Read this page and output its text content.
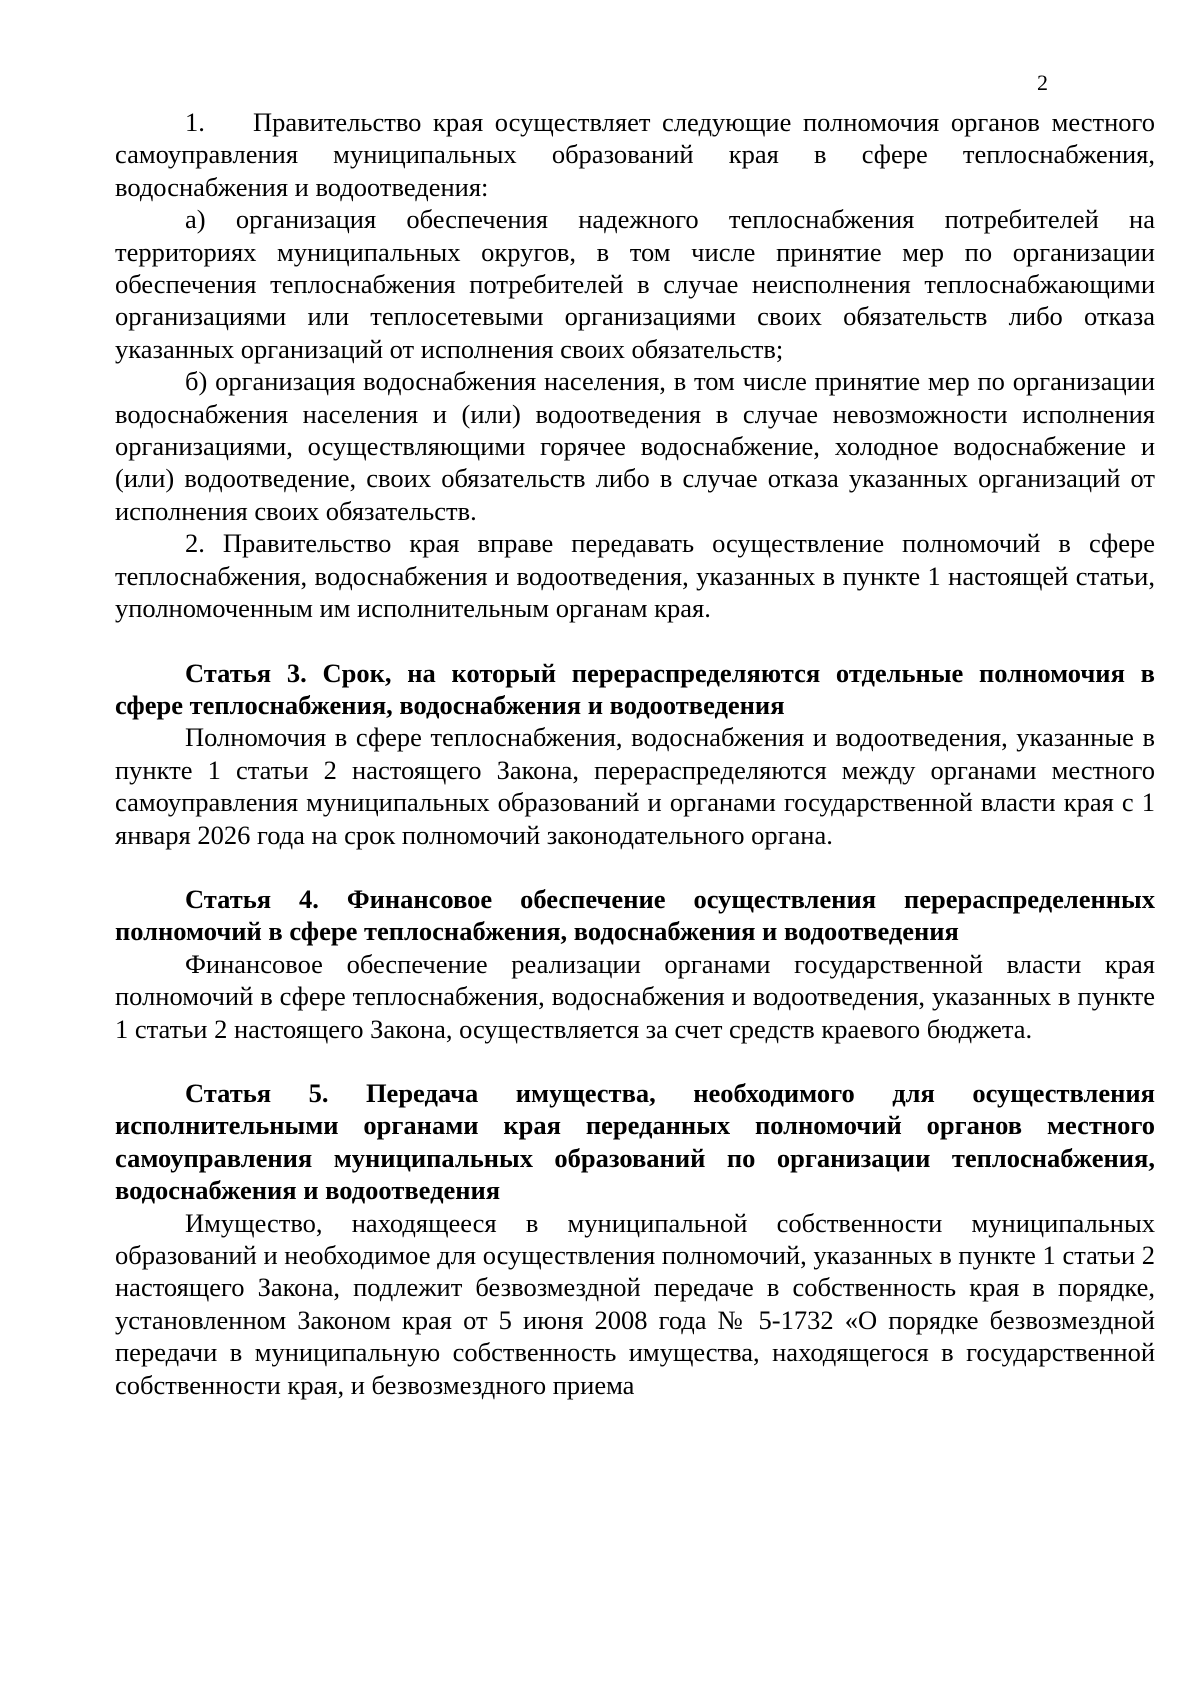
2

1. Правительство края осуществляет следующие полномочия органов местного самоуправления муниципальных образований края в сфере теплоснабжения, водоснабжения и водоотведения:

а) организация обеспечения надежного теплоснабжения потребителей на территориях муниципальных округов, в том числе принятие мер по организации обеспечения теплоснабжения потребителей в случае неисполнения теплоснабжающими организациями или теплосетевыми организациями своих обязательств либо отказа указанных организаций от исполнения своих обязательств;

б) организация водоснабжения населения, в том числе принятие мер по организации водоснабжения населения и (или) водоотведения в случае невозможности исполнения организациями, осуществляющими горячее водоснабжение, холодное водоснабжение и (или) водоотведение, своих обязательств либо в случае отказа указанных организаций от исполнения своих обязательств.

2. Правительство края вправе передавать осуществление полномочий в сфере теплоснабжения, водоснабжения и водоотведения, указанных в пункте 1 настоящей статьи, уполномоченным им исполнительным органам края.

Статья 3. Срок, на который перераспределяются отдельные полномочия в сфере теплоснабжения, водоснабжения и водоотведения

Полномочия в сфере теплоснабжения, водоснабжения и водоотведения, указанные в пункте 1 статьи 2 настоящего Закона, перераспределяются между органами местного самоуправления муниципальных образований и органами государственной власти края с 1 января 2026 года на срок полномочий законодательного органа.

Статья 4. Финансовое обеспечение осуществления перераспределенных полномочий в сфере теплоснабжения, водоснабжения и водоотведения

Финансовое обеспечение реализации органами государственной власти края полномочий в сфере теплоснабжения, водоснабжения и водоотведения, указанных в пункте 1 статьи 2 настоящего Закона, осуществляется за счет средств краевого бюджета.

Статья 5. Передача имущества, необходимого для осуществления исполнительными органами края переданных полномочий органов местного самоуправления муниципальных образований по организации теплоснабжения, водоснабжения и водоотведения

Имущество, находящееся в муниципальной собственности муниципальных образований и необходимое для осуществления полномочий, указанных в пункте 1 статьи 2 настоящего Закона, подлежит безвозмездной передаче в собственность края в порядке, установленном Законом края от 5 июня 2008 года № 5-1732 «О порядке безвозмездной передачи в муниципальную собственность имущества, находящегося в государственной собственности края, и безвозмездного приема
